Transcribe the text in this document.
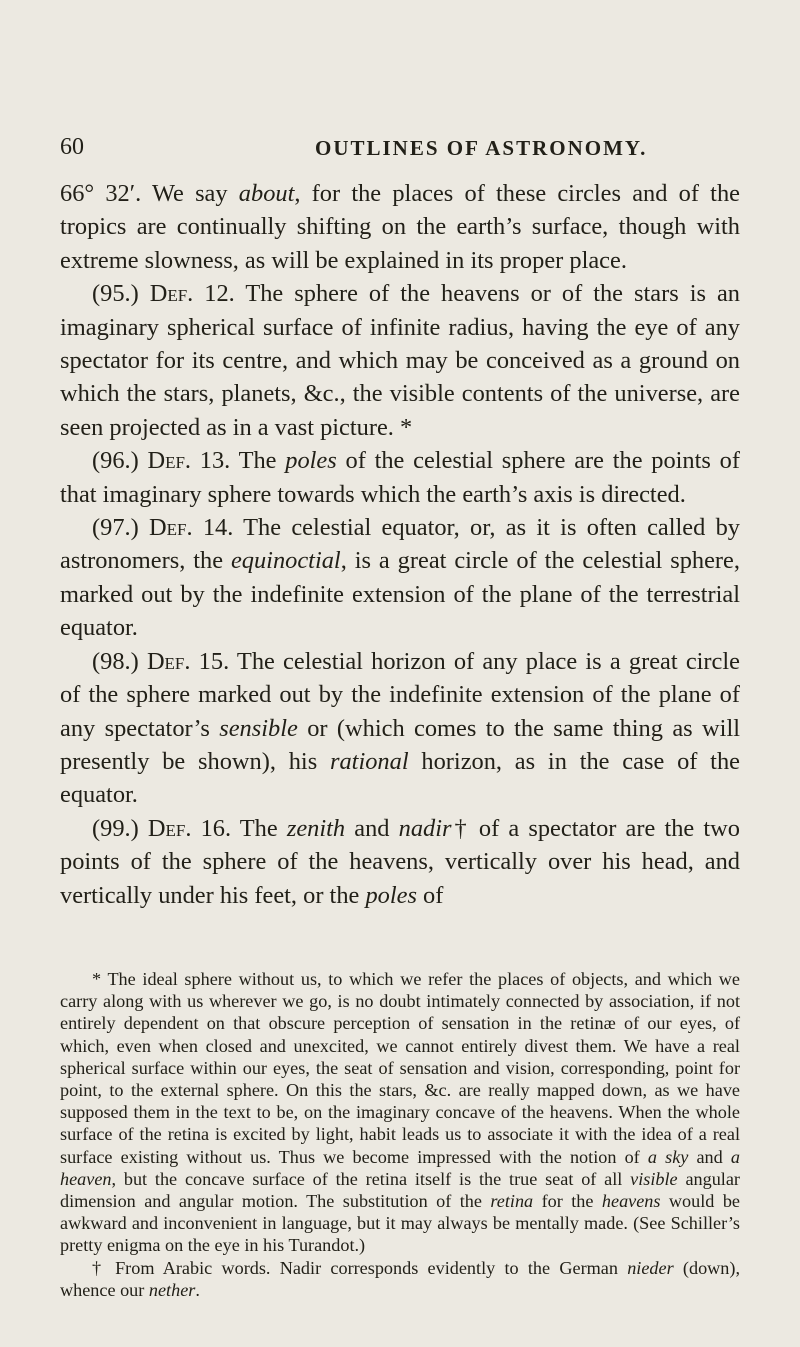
60	OUTLINES OF ASTRONOMY.

66° 32′. We say about, for the places of these circles and of the tropics are continually shifting on the earth’s surface, though with extreme slowness, as will be explained in its proper place.

(95.) Def. 12. The sphere of the heavens or of the stars is an imaginary spherical surface of infinite radius, having the eye of any spectator for its centre, and which may be conceived as a ground on which the stars, planets, &c., the visible contents of the universe, are seen projected as in a vast picture. *

(96.) Def. 13. The poles of the celestial sphere are the points of that imaginary sphere towards which the earth’s axis is directed.

(97.) Def. 14. The celestial equator, or, as it is often called by astronomers, the equinoctial, is a great circle of the celestial sphere, marked out by the indefinite extension of the plane of the terrestrial equator.

(98.) Def. 15. The celestial horizon of any place is a great circle of the sphere marked out by the indefinite extension of the plane of any spectator’s sensible or (which comes to the same thing as will presently be shown), his rational horizon, as in the case of the equator.

(99.) Def. 16. The zenith and nadir† of a spectator are the two points of the sphere of the heavens, vertically over his head, and vertically under his feet, or the poles of

* The ideal sphere without us, to which we refer the places of objects, and which we carry along with us wherever we go, is no doubt intimately connected by association, if not entirely dependent on that obscure perception of sensation in the retinæ of our eyes, of which, even when closed and unexcited, we cannot entirely divest them. We have a real spherical surface within our eyes, the seat of sensation and vision, corresponding, point for point, to the external sphere. On this the stars, &c. are really mapped down, as we have supposed them in the text to be, on the imaginary concave of the heavens. When the whole surface of the retina is excited by light, habit leads us to associate it with the idea of a real surface existing without us. Thus we become impressed with the notion of a sky and a heaven, but the concave surface of the retina itself is the true seat of all visible angular dimension and angular motion. The substitution of the retina for the heavens would be awkward and inconvenient in language, but it may always be mentally made. (See Schiller’s pretty enigma on the eye in his Turandot.)

† From Arabic words. Nadir corresponds evidently to the German nieder (down), whence our nether.
